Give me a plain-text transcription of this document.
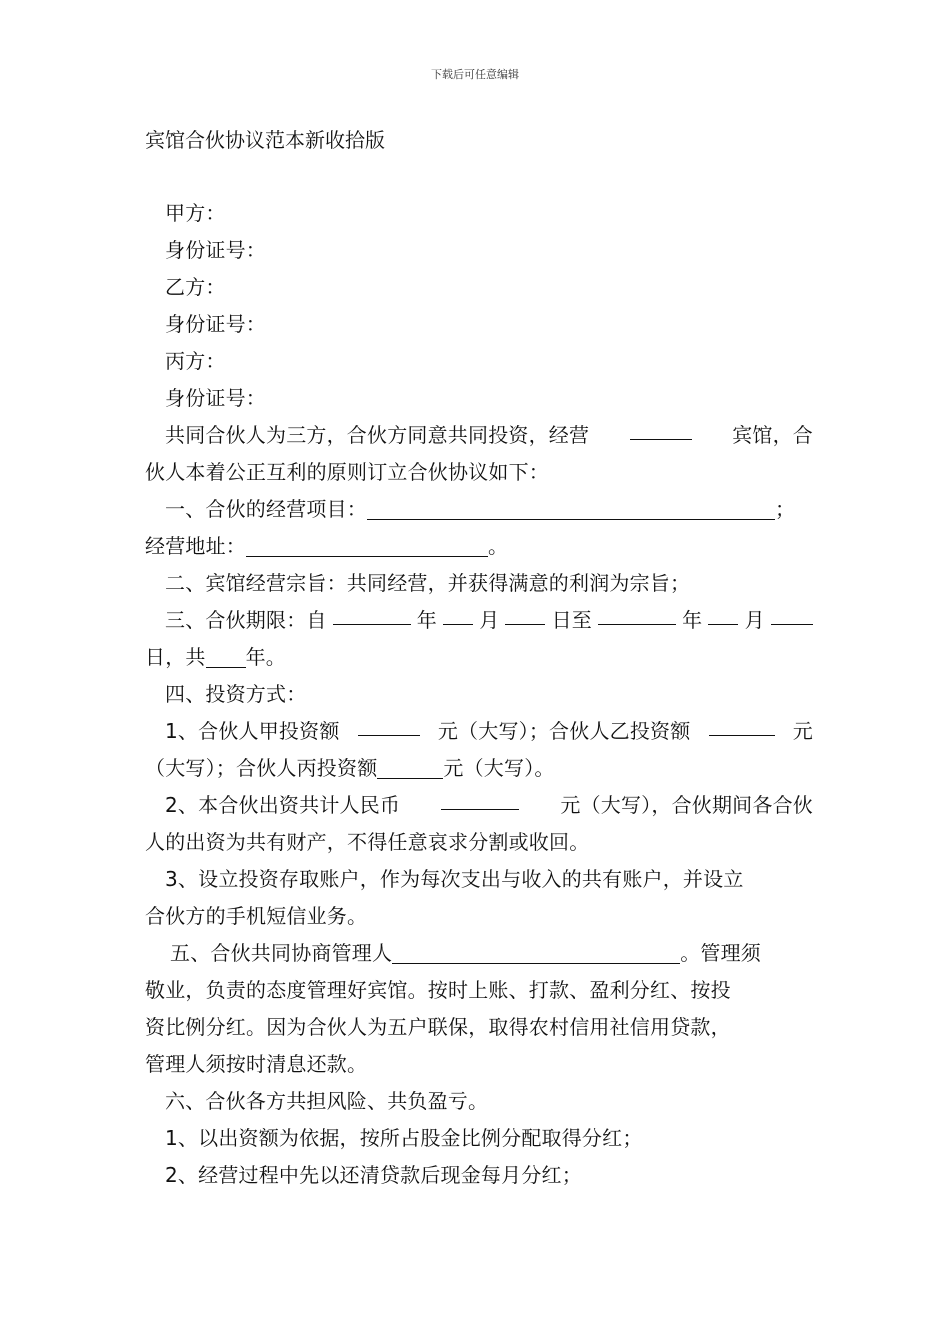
下载后可任意编辑
宾馆合伙协议范本新收拾版

甲方：

身份证号：

乙方：

身份证号：

丙方：

身份证号：

共同合伙人为三方，合伙方同意共同投资，经营	宾馆，合

伙人本着公正互利的原则订立合伙协议如下：

一、合伙的经营项目：	；
经营地址：	。

二、宾馆经营宗旨：共同经营，并获得满意的利润为宗旨；

三、合伙期限：自	年 月	日至	年 月
日，共 年。

四、投资方式：

1、合伙人甲投资额	元（大写）；合伙人乙投资额	元
（大写）；合伙人丙投资额	元（大写）。
2、本合伙出资共计人民币	元（大写），合伙期间各合伙

人的出资为共有财产，不得任意哀求分割或收回。

3、设立投资存取账户，作为每次支出与收入的共有账户，并设立

合伙方的手机短信业务。

五、合伙共同协商管理人	。管理须

敬业，负责的态度管理好宾馆。按时上账、打款、盈利分红、按投

资比例分红。因为合伙人为五户联保，取得农村信用社信用贷款，

管理人须按时清息还款。

六、合伙各方共担风险、共负盈亏。

1、以出资额为依据，按所占股金比例分配取得分红；

2、经营过程中先以还清贷款后现金每月分红；
